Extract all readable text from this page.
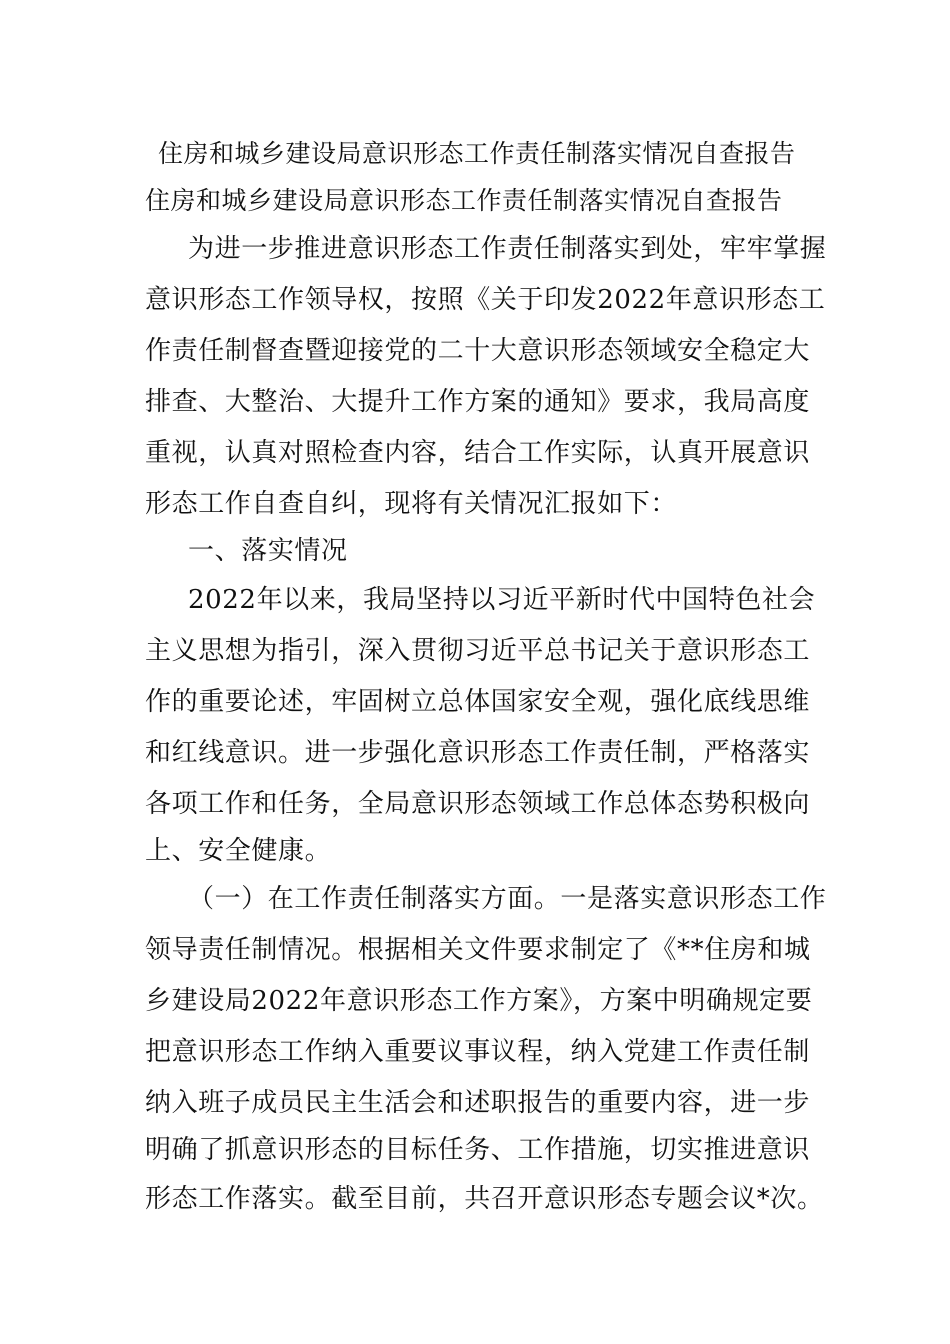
住房和城乡建设局意识形态工作责任制落实情况自查报告
住房和城乡建设局意识形态工作责任制落实情况自查报告
为进一步推进意识形态工作责任制落实到处，牢牢掌握
意识形态工作领导权，按照《关于印发2022年意识形态工
作责任制督查暨迎接党的二十大意识形态领域安全稳定大
排查、大整治、大提升工作方案的通知》要求，我局高度
重视，认真对照检查内容，结合工作实际，认真开展意识
形态工作自查自纠，现将有关情况汇报如下：
一、落实情况
2022年以来，我局坚持以习近平新时代中国特色社会
主义思想为指引，深入贯彻习近平总书记关于意识形态工
作的重要论述，牢固树立总体国家安全观，强化底线思维
和红线意识。进一步强化意识形态工作责任制，严格落实
各项工作和任务，全局意识形态领域工作总体态势积极向
上、安全健康。
（一）在工作责任制落实方面。一是落实意识形态工作
领导责任制情况。根据相关文件要求制定了《**住房和城
乡建设局2022年意识形态工作方案》，方案中明确规定要
把意识形态工作纳入重要议事议程，纳入党建工作责任制
纳入班子成员民主生活会和述职报告的重要内容，进一步
明确了抓意识形态的目标任务、工作措施，切实推进意识
形态工作落实。截至目前，共召开意识形态专题会议*次。
